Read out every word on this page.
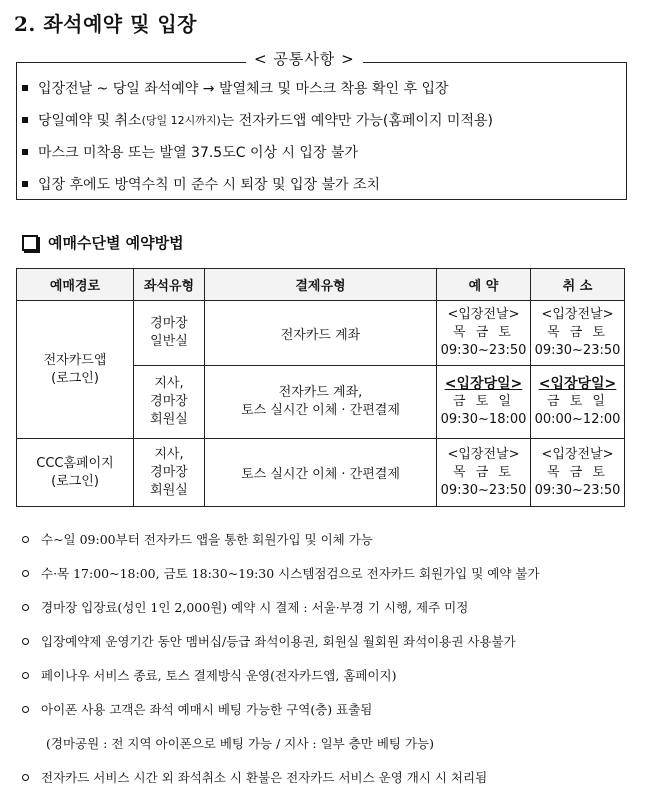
2. 좌석예약 및 입장
< 공통사항 >
입장전날 ~ 당일 좌석예약 → 발열체크 및 마스크 착용 확인 후 입장
당일예약 및 취소 (당일 12시까지) 는 전자카드앱 예약만 가능(홈페이지 미적용)
마스크 미착용 또는 발열 37.5도C 이상 시 입장 불가
입장 후에도 방역수칙 미 준수 시 퇴장 및 입장 불가 조치
예매수단별 예약방법
예매경로	좌석유형	결제유형	예 약	취 소

전자카드앱
(로그인)	경마장
일반실	전자카드 계좌	<입장전날>
목 금 토
09:30~23:50	<입장전날>
목 금 토
09:30~23:50

	지사,
경마장
회원실	전자카드 계좌,
토스 실시간 이체 · 간편결제	<입장당일>
금 토 일
09:30~18:00	<입장당일>
금 토 일
00:00~12:00

CCC홈페이지
(로그인)	지사,
경마장
회원실	토스 실시간 이체 · 간편결제	<입장전날>
목 금 토
09:30~23:50	<입장전날>
목 금 토
09:30~23:50
수~일 09:00부터 전자카드 앱을 통한 회원가입 및 이체 가능
수·목 17:00~18:00, 금토 18:30~19:30 시스템점검으로 전자카드 회원가입 및 예약 불가
경마장 입장료(성인 1인 2,000원) 예약 시 결제 : 서울·부경 기 시행, 제주 미정
입장예약제 운영기간 동안 멤버십/등급 좌석이용권, 회원실 월회원 좌석이용권 사용불가
페이나우 서비스 종료, 토스 결제방식 운영(전자카드앱, 홈페이지)
아이폰 사용 고객은 좌석 예매시 베팅 가능한 구역(층) 표출됨
(경마공원 : 전 지역 아이폰으로 베팅 가능 / 지사 : 일부 층만 베팅 가능)
전자카드 서비스 시간 외 좌석취소 시 환불은 전자카드 서비스 운영 개시 시 처리됨
